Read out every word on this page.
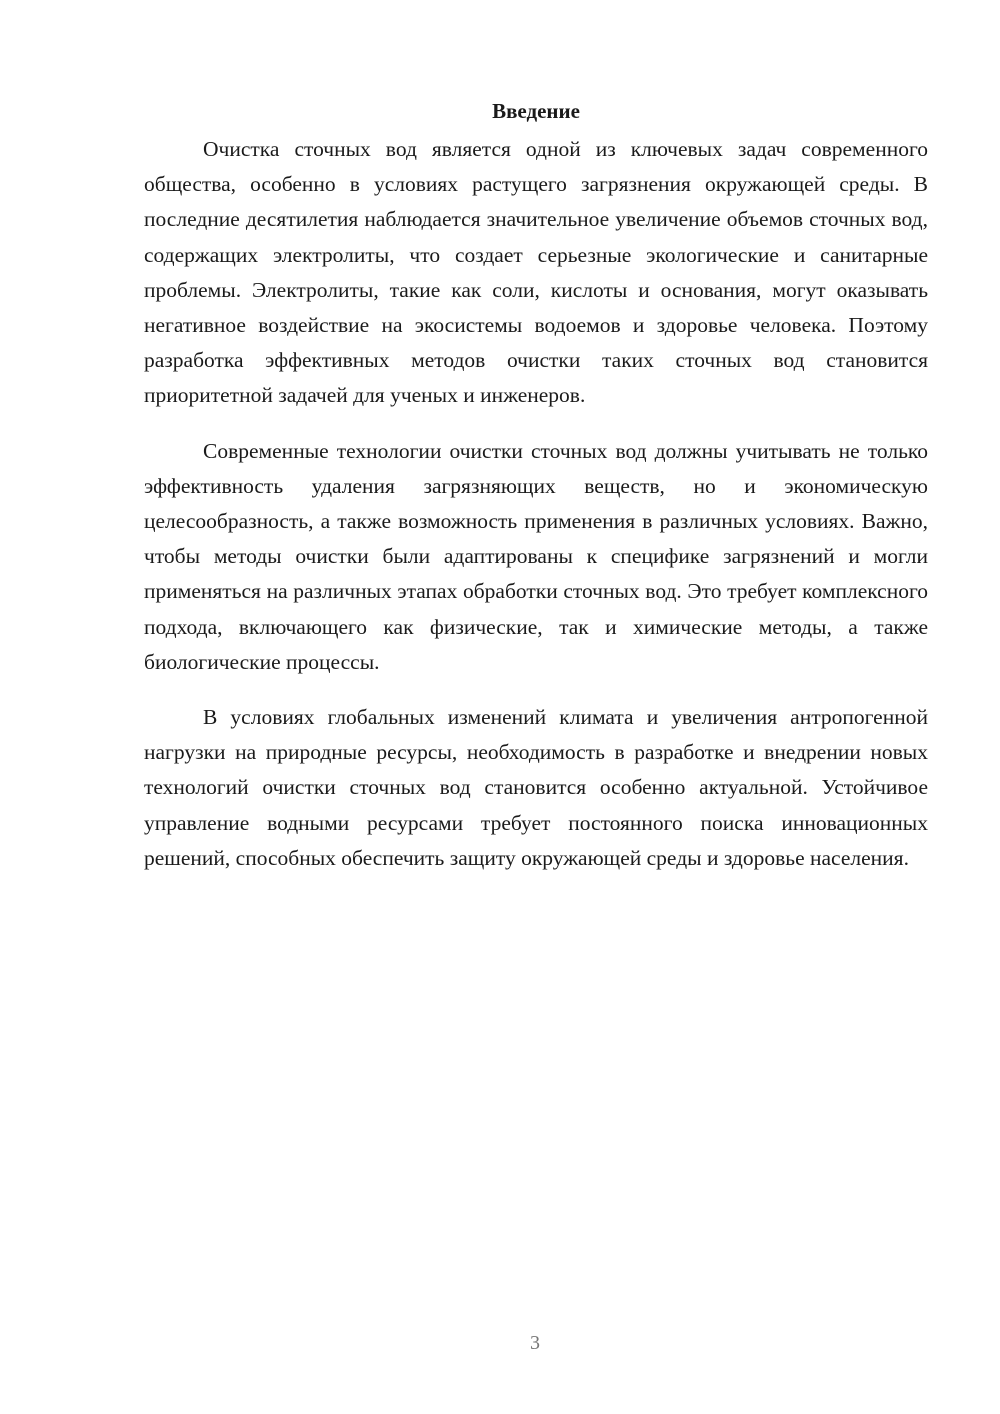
Введение

Очистка сточных вод является одной из ключевых задач современного общества, особенно в условиях растущего загрязнения окружающей среды. В последние десятилетия наблюдается значительное увеличение объемов сточных вод, содержащих электролиты, что создает серьезные экологические и санитарные проблемы. Электролиты, такие как соли, кислоты и основания, могут оказывать негативное воздействие на экосистемы водоемов и здоровье человека. Поэтому разработка эффективных методов очистки таких сточных вод становится приоритетной задачей для ученых и инженеров.

Современные технологии очистки сточных вод должны учитывать не только эффективность удаления загрязняющих веществ, но и экономическую целесообразность, а также возможность применения в различных условиях. Важно, чтобы методы очистки были адаптированы к специфике загрязнений и могли применяться на различных этапах обработки сточных вод. Это требует комплексного подхода, включающего как физические, так и химические методы, а также биологические процессы.

В условиях глобальных изменений климата и увеличения антропогенной нагрузки на природные ресурсы, необходимость в разработке и внедрении новых технологий очистки сточных вод становится особенно актуальной. Устойчивое управление водными ресурсами требует постоянного поиска инновационных решений, способных обеспечить защиту окружающей среды и здоровье населения.

3
